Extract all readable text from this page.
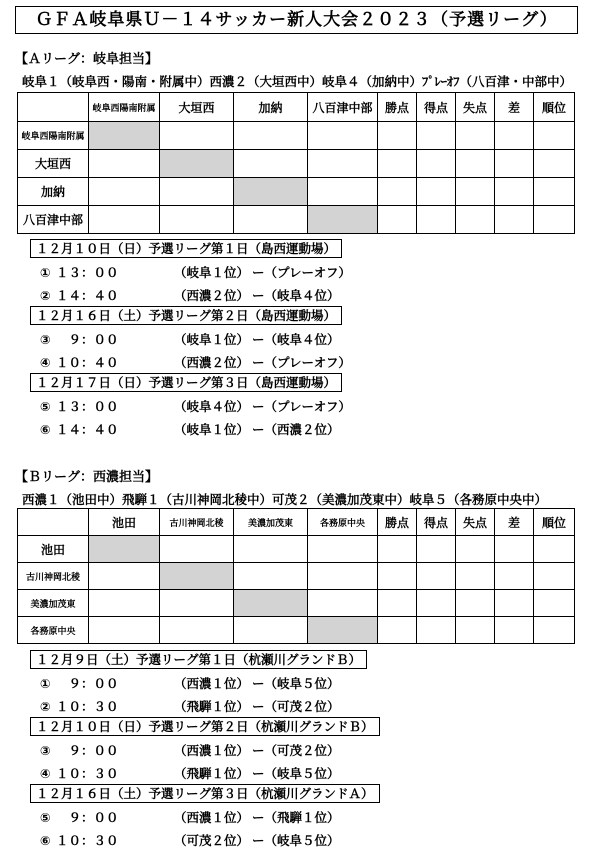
ＧＦＡ岐阜県Ｕ－１４サッカー新人大会２０２３（予選リーグ）
【Ａリーグ：岐阜担当】
岐阜１（岐阜西・陽南・附属中）西濃２（大垣西中）岐阜４（加納中）ﾌﾟﾚｰｵﾌ（八百津・中部中）
	岐阜西陽南附属	大垣西	加納	八百津中部	勝点	得点	失点	差	順位
岐阜西陽南附属									
大垣西									
加納									
八百津中部									
１２月１０日（日）予選リーグ第１日（島西運動場）
① １３：００	（岐阜１位） ー（プレーオフ）
② １４：４０	（西濃２位） ー（岐阜４位）
１２月１６日（土）予選リーグ第２日（島西運動場）
③　９：００	（岐阜１位） ー（岐阜４位）
④ １０：４０	（西濃２位） ー（プレーオフ）
１２月１７日（日）予選リーグ第３日（島西運動場）
⑤ １３：００	（岐阜４位） ー（プレーオフ）
⑥ １４：４０	（岐阜１位） ー（西濃２位）
【Ｂリーグ：西濃担当】
西濃１（池田中）飛騨１（古川神岡北稜中）可茂２（美濃加茂東中）岐阜５（各務原中央中）
	池田	古川神岡北稜	美濃加茂東	各務原中央	勝点	得点	失点	差	順位
池田									
古川神岡北稜									
美濃加茂東									
各務原中央									
１２月９日（土）予選リーグ第１日（杭瀬川グランドＢ）
①　９：００	（西濃１位） ー（岐阜５位）
② １０：３０	（飛騨１位） ー（可茂２位）
１２月１０日（日）予選リーグ第２日（杭瀬川グランドＢ）
③　９：００	（西濃１位） ー（可茂２位）
④ １０：３０	（飛騨１位） ー（岐阜５位）
１２月１６日（土）予選リーグ第３日（杭瀬川グランドＡ）
⑤　９：００	（西濃１位） ー（飛騨１位）
⑥ １０：３０	（可茂２位） ー（岐阜５位）
